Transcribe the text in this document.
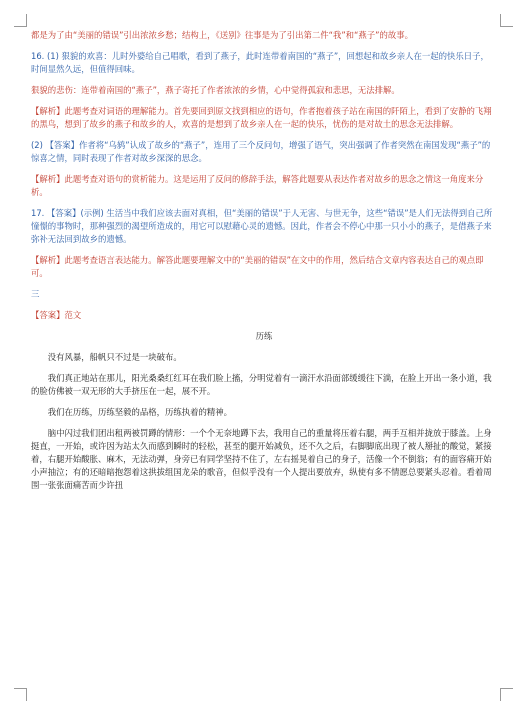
都是为了由“美丽的错误”引出浓浓乡愁；结构上，《送别》往事是为了引出第二件“我”和“燕子”的故事。
16. (1) 狠貌的欢喜：儿时外婆给自己唱歌，看到了燕子，此时连带着南国的“燕子”，回想起和故乡亲人在一起的快乐日子，时间显然久远，但值得回味。
狠貌的悲伤：连带着南国的“燕子”，燕子寄托了作者浓浓的乡情，心中觉得孤寂和悲思，无法排解。
【解析】此题考查对词语的理解能力。首先要回到原文找到相应的语句，作者抱着孩子站在南国的阡陌上，看到了安静的飞翔的黑鸟，想到了故乡的燕子和故乡的人，欢喜的是想到了故乡亲人在一起的快乐，忧伤的是对故土的思念无法排解。
(2) 【答案】作者将“乌鸫”认成了故乡的“燕子”，连用了三个反问句，增强了语气，突出强调了作者突然在南国发现“燕子”的惊喜之情，同时表现了作者对故乡深深的思念。
【解析】此题考查对语句的赏析能力。这是运用了反问的修辞手法，解答此题要从表达作者对故乡的思念之情这一角度来分析。
17. 【答案】(示例) 生活当中我们应该去面对真相，但“美丽的错误”于人无害、与世无争，这些“错误”是人们无法得到自己所憧憬的事物时，那种强烈的渴望所造成的，用它可以慰藉心灵的遗憾。因此，作者会不停心中那一只小小的燕子，是借燕子来弥补无法回到故乡的遗憾。
【解析】此题考查语言表达能力。解答此题要理解文中的“美丽的错误”在文中的作用，然后结合文章内容表达自己的观点即可。
三
【答案】范文
历练
没有风暴，船帆只不过是一块破布。
我们真正地站在那儿，阳光桑桑红红耳在我们脸上搐，分明觉着有一滴汗水沿面部缓缓往下淌，在脸上开出一条小道，我的脸仿佛被一双无形的大手挤压在一起，展不开。
我们在历练，历练坚毅的品格，历练执着的精神。
脑中闪过我们团出租两被罚蹲的情形：一个个无奈地蹲下去，我用自己的重量将压着右腿，两手互相并拢放于膝盖。上身挺直，一开始，或许因为站太久而感到瞬时的轻松，甚至的腿开始减负，还不久之后，右脚脚底出现了被人掰扯的酸觉，紧接着，右腿开始酸胀、麻木，无法动弹，身旁已有同学坚持不住了，左右摇晃着自己的身子，活像一个不倒翁；有的面容痛开始小声抽泣；有的还暗暗抱怨着这拱拔组国龙朵的歌音，但似乎没有一个人提出要放弃，纵使有多不情愿总要紧头忍着。看着周围一张张面痛苦而少许扭
